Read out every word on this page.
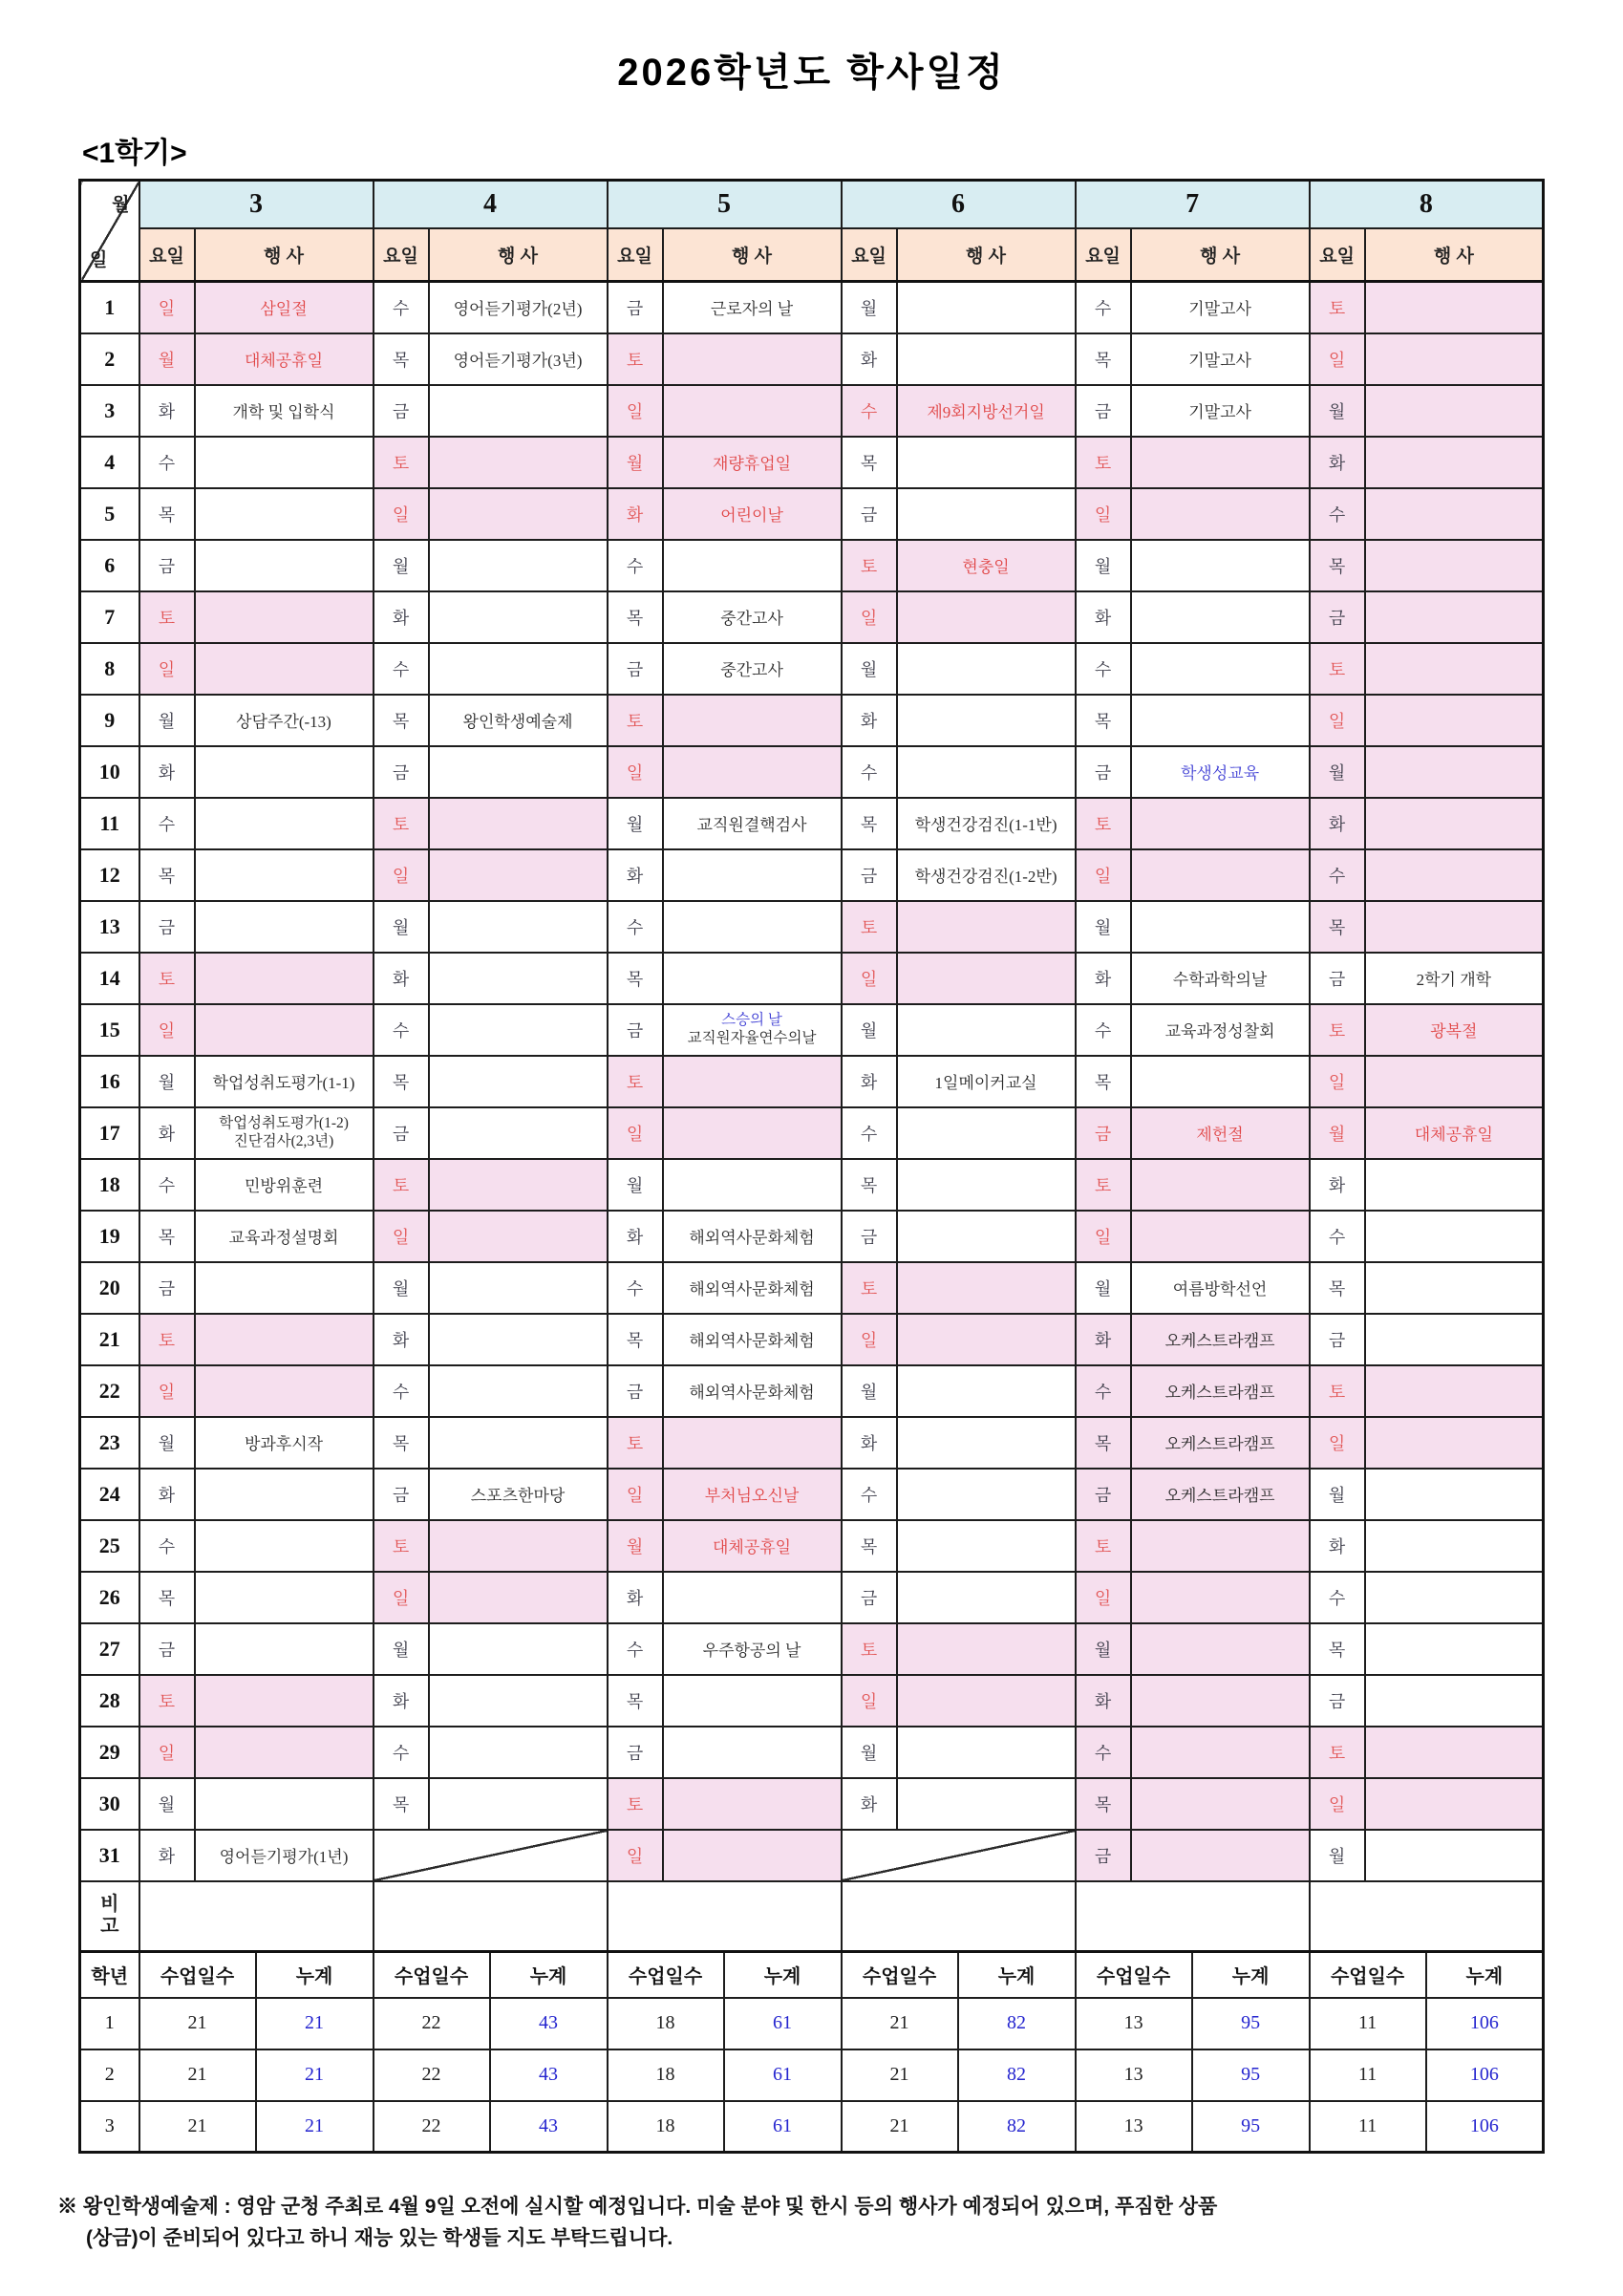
2026학년도 학사일정
<1학기>
월
일	3			4			5			6			7			8		
	요일	행 사		요일	행 사		요일	행 사		요일	행 사		요일	행 사		요일	행 사	
1	일	삼일절		수	영어듣기평가(2년)		금	근로자의 날		월			수	기말고사		토		
2	월	대체공휴일		목	영어듣기평가(3년)		토			화			목	기말고사		일		
3	화	개학 및 입학식		금			일			수	제9회지방선거일		금	기말고사		월		
4	수			토			월	재량휴업일		목			토			화		
5	목			일			화	어린이날		금			일			수		
6	금			월			수			토	현충일		월			목		
7	토			화			목	중간고사		일			화			금		
8	일			수			금	중간고사		월			수			토		
9	월	상담주간(-13)		목	왕인학생예술제		토			화			목			일		
10	화			금			일			수			금	학생성교육		월		
11	수			토			월	교직원결핵검사		목	학생건강검진(1-1반)		토			화		
12	목			일			화			금	학생건강검진(1-2반)		일			수		
13	금			월			수			토			월			목		
14	토			화			목			일			화	수학과학의날		금	2학기 개학	
15	일			수			금	스승의 날
교직원자율연수의날		월			수	교육과정성찰회		토	광복절	
16	월	학업성취도평가(1-1)		목			토			화	1일메이커교실		목			일		
17	화	학업성취도평가(1-2)
진단검사(2,3년)		금			일			수			금	제헌절		월	대체공휴일	
18	수	민방위훈련		토			월			목			토			화		
19	목	교육과정설명회		일			화	해외역사문화체험		금			일			수		
20	금			월			수	해외역사문화체험		토			월	여름방학선언		목		
21	토			화			목	해외역사문화체험		일			화	오케스트라캠프		금		
22	일			수			금	해외역사문화체험		월			수	오케스트라캠프		토		
23	월	방과후시작		목			토			화			목	오케스트라캠프		일		
24	화			금	스포츠한마당		일	부처님오신날		수			금	오케스트라캠프		월		
25	수			토			월	대체공휴일		목			토			화		
26	목			일			화			금			일			수		
27	금			월			수	우주항공의 날		토			월			목		
28	토			화			목			일			화			금		
29	일			수			금			월			수			토		
30	월			목			토			화			목			일		
31	화	영어듣기평가(1년)					일						금			월		
비
고																		
학년	수업일수		누계	수업일수		누계	수업일수		누계	수업일수		누계	수업일수		누계	수업일수		누계
1	21		21	22		43	18		61	21		82	13		95	11		106
2	21		21	22		43	18		61	21		82	13		95	11		106
3	21		21	22		43	18		61	21		82	13		95	11		106
※ 왕인학생예술제 : 영암 군청 주최로 4월 9일 오전에 실시할 예정입니다. 미술 분야 및 한시 등의 행사가 예정되어 있으며, 푸짐한 상품
(상금)이 준비되어 있다고 하니 재능 있는 학생들 지도 부탁드립니다.
